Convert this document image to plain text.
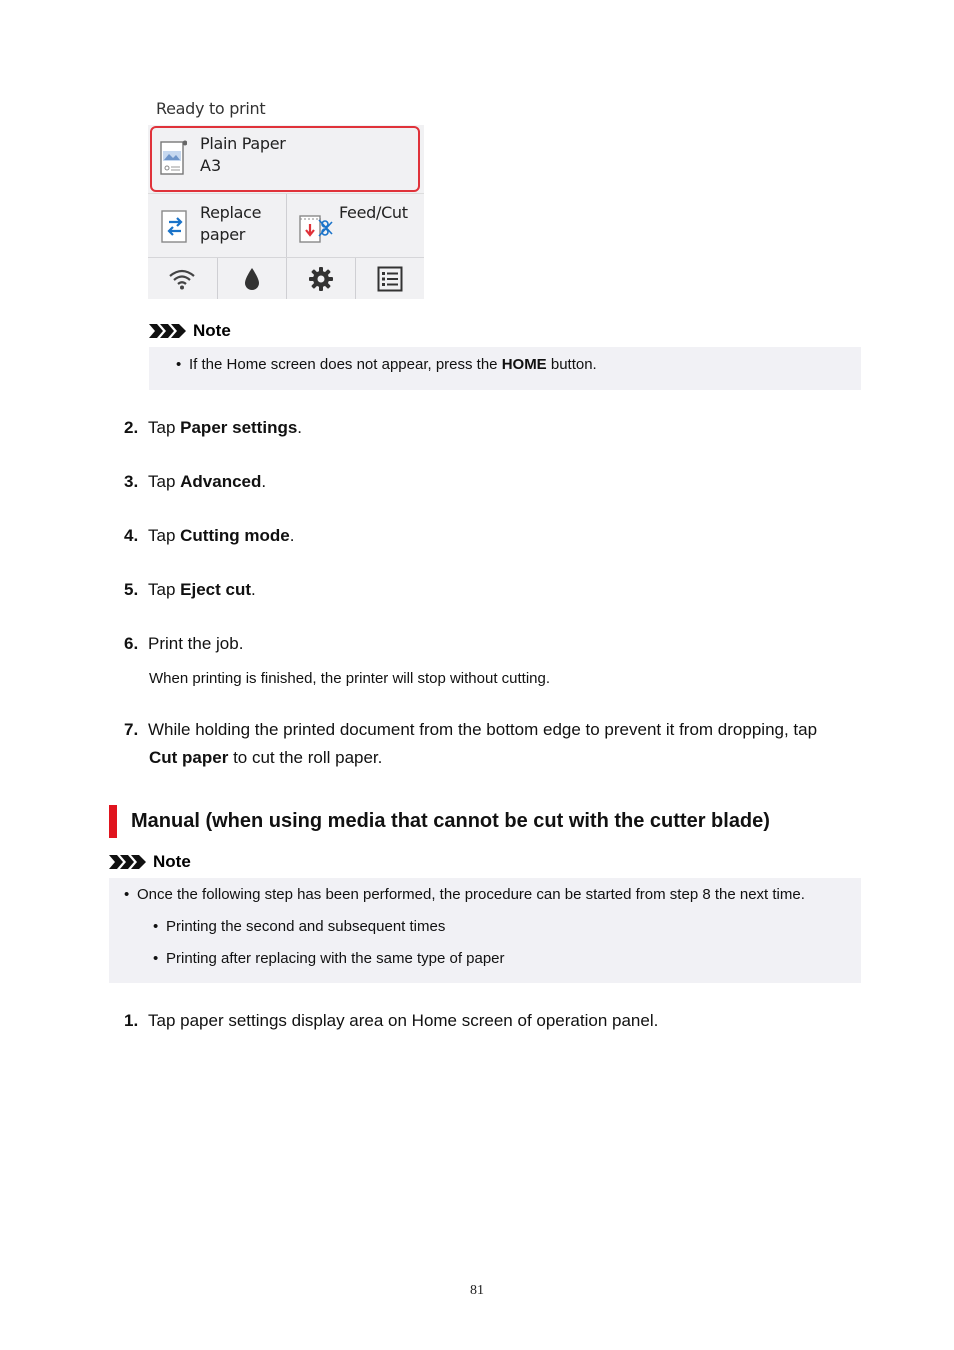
Ready to print
Plain Paper
A3
Replace
paper
Feed/Cut
Note
• If the Home screen does not appear, press the HOME button.
2. Tap Paper settings.
3. Tap Advanced.
4. Tap Cutting mode.
5. Tap Eject cut.
6. Print the job.
When printing is finished, the printer will stop without cutting.
7. While holding the printed document from the bottom edge to prevent it from dropping, tap
Cut paper to cut the roll paper.
Manual (when using media that cannot be cut with the cutter blade)
Note
• Once the following step has been performed, the procedure can be started from step 8 the next time.
• Printing the second and subsequent times
• Printing after replacing with the same type of paper
1. Tap paper settings display area on Home screen of operation panel.
81
